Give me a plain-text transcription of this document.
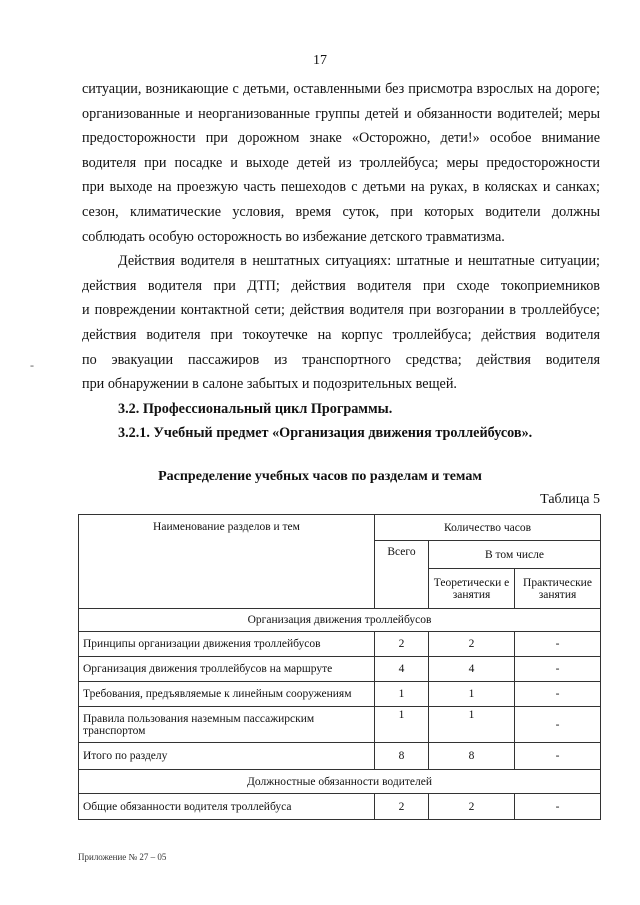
17
-
ситуации, возникающие с детьми, оставленными без присмотра взрослых на дороге;
организованные и неорганизованные группы детей и обязанности водителей; меры
предосторожности при дорожном знаке «Осторожно, дети!» особое внимание
водителя при посадке и выходе детей из троллейбуса; меры предосторожности
при выходе на проезжую часть пешеходов с детьми на руках, в колясках и санках;
сезон, климатические условия, время суток, при которых водители должны
соблюдать особую осторожность во избежание детского травматизма.
Действия водителя в нештатных ситуациях: штатные и нештатные ситуации;
действия водителя при ДТП; действия водителя при сходе токоприемников
и повреждении контактной сети; действия водителя при возгорании в троллейбусе;
действия водителя при токоутечке на корпус троллейбуса; действия водителя
по эвакуации пассажиров из транспортного средства; действия водителя
при обнаружении в салоне забытых и подозрительных вещей.
3.2. Профессиональный цикл Программы.
3.2.1. Учебный предмет «Организация движения троллейбусов».
Распределение учебных часов по разделам и темам
Таблица 5
Наименование разделов и тем	Количество часов		
	Всего	В том числе	
		Теоретически е занятия	Практические занятия
Организация движения троллейбусов			
Принципы организации движения троллейбусов	2	2	-
Организация движения троллейбусов на маршруте	4	4	-
Требования, предъявляемые к линейным сооружениям	1	1	-
Правила пользования наземным пассажирским транспортом	1	1	-
Итого по разделу	8	8	-
Должностные обязанности водителей			
Общие обязанности водителя троллейбуса	2	2	-
Приложение № 27 – 05
